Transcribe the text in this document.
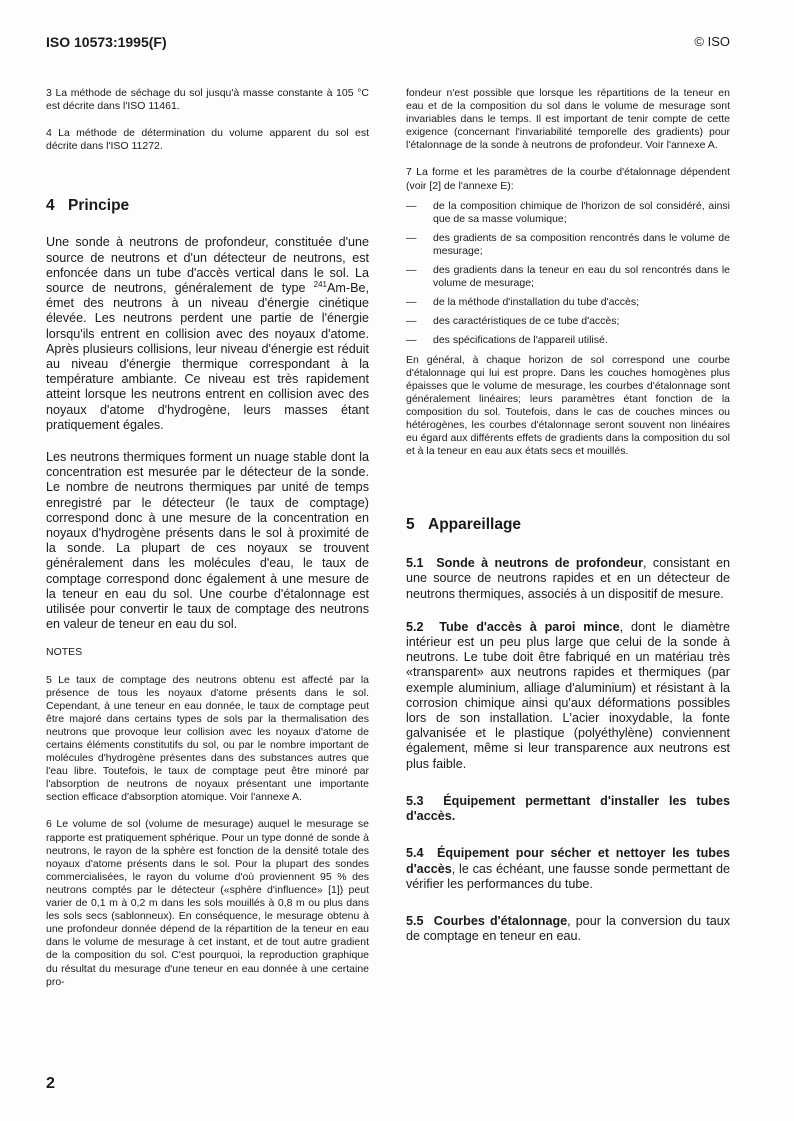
ISO 10573:1995(F)	© ISO

3 La méthode de séchage du sol jusqu'à masse constante à 105 °C est décrite dans l'ISO 11461.

4 La méthode de détermination du volume apparent du sol est décrite dans l'ISO 11272.

4 Principe

Une sonde à neutrons de profondeur, constituée d'une source de neutrons et d'un détecteur de neutrons, est enfoncée dans un tube d'accès vertical dans le sol. La source de neutrons, généralement de type $^{241}$Am-Be, émet des neutrons à un niveau d'énergie cinétique élevée. Les neutrons perdent une partie de l'énergie lorsqu'ils entrent en collision avec des noyaux d'atome. Après plusieurs collisions, leur niveau d'énergie est réduit au niveau d'énergie thermique correspondant à la température ambiante. Ce niveau est très rapidement atteint lorsque les neutrons entrent en collision avec des noyaux d'atome d'hydrogène, leurs masses étant pratiquement égales.

Les neutrons thermiques forment un nuage stable dont la concentration est mesurée par le détecteur de la sonde. Le nombre de neutrons thermiques par unité de temps enregistré par le détecteur (le taux de comptage) correspond donc à une mesure de la concentration en noyaux d'hydrogène présents dans le sol à proximité de la sonde. La plupart de ces noyaux se trouvent généralement dans les molécules d'eau, le taux de comptage correspond donc également à une mesure de la teneur en eau du sol. Une courbe d'étalonnage est utilisée pour convertir le taux de comptage des neutrons en valeur de teneur en eau du sol.

NOTES

5 Le taux de comptage des neutrons obtenu est affecté par la présence de tous les noyaux d'atome présents dans le sol. Cependant, à une teneur en eau donnée, le taux de comptage peut être majoré dans certains types de sols par la thermalisation des neutrons que provoque leur collision avec les noyaux d'atome de certains éléments constitutifs du sol, ou par le nombre important de molécules d'hydrogène présentes dans des substances autres que l'eau libre. Toutefois, le taux de comptage peut être minoré par l'absorption de neutrons de noyaux présentant une importante section efficace d'absorption atomique. Voir l'annexe A.

6 Le volume de sol (volume de mesurage) auquel le mesurage se rapporte est pratiquement sphérique. Pour un type donné de sonde à neutrons, le rayon de la sphère est fonction de la densité totale des noyaux d'atome présents dans le sol. Pour la plupart des sondes commercialisées, le rayon du volume d'où proviennent 95 % des neutrons comptés par le détecteur («sphère d'influence» [1]) peut varier de 0,1 m à 0,2 m dans les sols mouillés à 0,8 m ou plus dans les sols secs (sablonneux). En conséquence, le mesurage obtenu à une profondeur donnée dépend de la répartition de la teneur en eau dans le volume de mesurage à cet instant, et de tout autre gradient de la composition du sol. C'est pourquoi, la reproduction graphique du résultat du mesurage d'une teneur en eau donnée à une certaine pro-

fondeur n'est possible que lorsque les répartitions de la teneur en eau et de la composition du sol dans le volume de mesurage sont invariables dans le temps. Il est important de tenir compte de cette exigence (concernant l'invariabilité temporelle des gradients) pour l'étalonnage de la sonde à neutrons de profondeur. Voir l'annexe A.

7 La forme et les paramètres de la courbe d'étalonnage dépendent (voir [2] de l'annexe E):

—	de la composition chimique de l'horizon de sol considéré, ainsi que de sa masse volumique;
—	des gradients de sa composition rencontrés dans le volume de mesurage;
—	des gradients dans la teneur en eau du sol rencontrés dans le volume de mesurage;
—	de la méthode d'installation du tube d'accès;
—	des caractéristiques de ce tube d'accès;
—	des spécifications de l'appareil utilisé.

En général, à chaque horizon de sol correspond une courbe d'étalonnage qui lui est propre. Dans les couches homogènes plus épaisses que le volume de mesurage, les courbes d'étalonnage sont généralement linéaires; leurs paramètres étant fonction de la composition du sol. Toutefois, dans le cas de couches minces ou hétérogènes, les courbes d'étalonnage seront souvent non linéaires eu égard aux différents effets de gradients dans la composition du sol et à la teneur en eau aux états secs et mouillés.

5 Appareillage

5.1 Sonde à neutrons de profondeur, consistant en une source de neutrons rapides et en un détecteur de neutrons thermiques, associés à un dispositif de mesure.

5.2 Tube d'accès à paroi mince, dont le diamètre intérieur est un peu plus large que celui de la sonde à neutrons. Le tube doit être fabriqué en un matériau très «transparent» aux neutrons rapides et thermiques (par exemple aluminium, alliage d'aluminium) et résistant à la corrosion chimique ainsi qu'aux déformations possibles lors de son installation. L'acier inoxydable, la fonte galvanisée et le plastique (polyéthylène) conviennent également, même si leur transparence aux neutrons est plus faible.

5.3 Équipement permettant d'installer les tubes d'accès.

5.4 Équipement pour sécher et nettoyer les tubes d'accès, le cas échéant, une fausse sonde permettant de vérifier les performances du tube.

5.5 Courbes d'étalonnage, pour la conversion du taux de comptage en teneur en eau.

2
